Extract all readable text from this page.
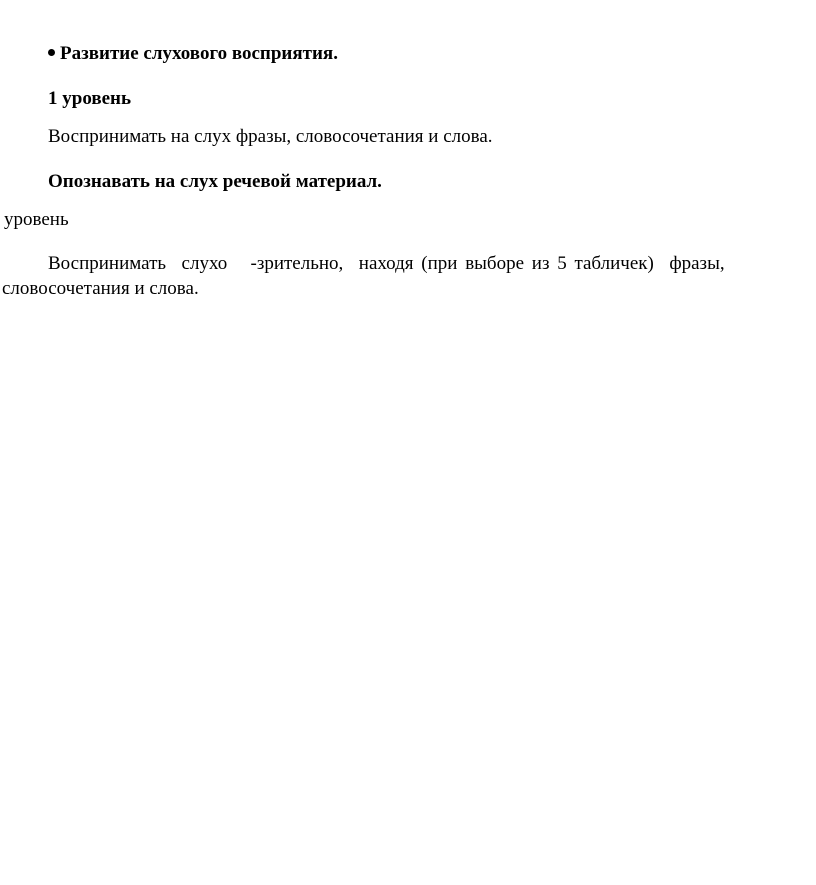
Развитие слухового восприятия.
1 уровень
Воспринимать на слух фразы, словосочетания и слова.
Опознавать на слух речевой материал.
уровень
Воспринимать  слухо   -зрительно,  находя (при выборе из 5 табличек)  фразы,
словосочетания и слова.
